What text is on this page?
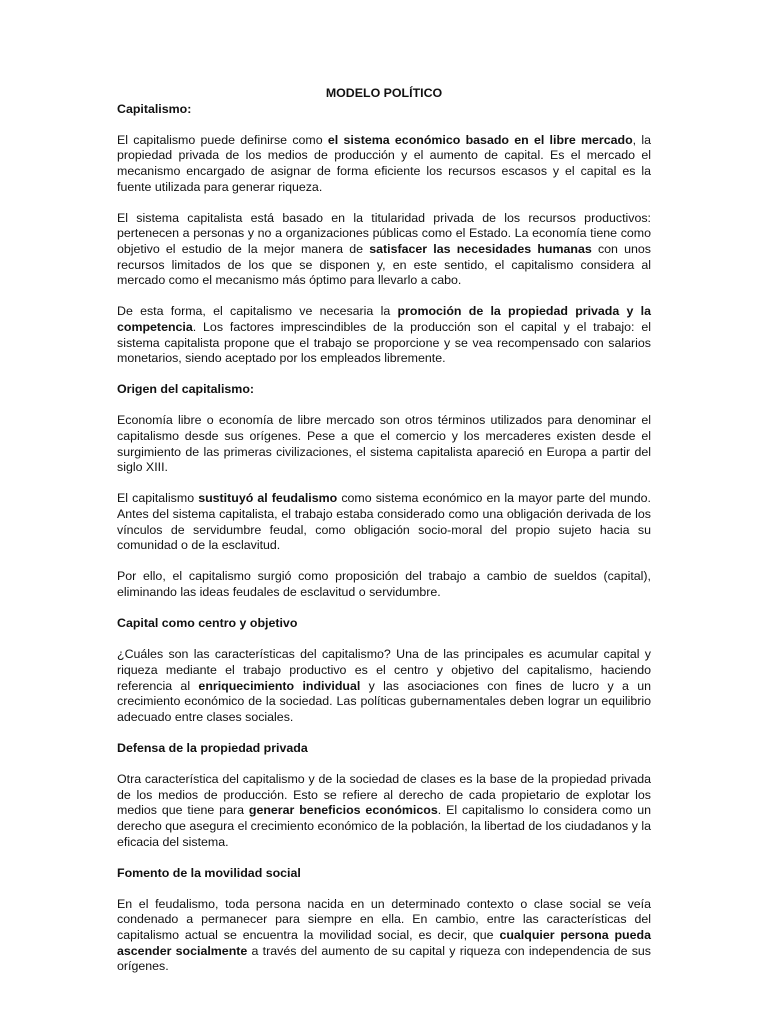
MODELO POLÍTICO
Capitalismo:

El capitalismo puede definirse como el sistema económico basado en el libre mercado, la propiedad privada de los medios de producción y el aumento de capital. Es el mercado el mecanismo encargado de asignar de forma eficiente los recursos escasos y el capital es la fuente utilizada para generar riqueza.

El sistema capitalista está basado en la titularidad privada de los recursos productivos: pertenecen a personas y no a organizaciones públicas como el Estado. La economía tiene como objetivo el estudio de la mejor manera de satisfacer las necesidades humanas con unos recursos limitados de los que se disponen y, en este sentido, el capitalismo considera al mercado como el mecanismo más óptimo para llevarlo a cabo.

De esta forma, el capitalismo ve necesaria la promoción de la propiedad privada y la competencia. Los factores imprescindibles de la producción son el capital y el trabajo: el sistema capitalista propone que el trabajo se proporcione y se vea recompensado con salarios monetarios, siendo aceptado por los empleados libremente.

Origen del capitalismo:

Economía libre o economía de libre mercado son otros términos utilizados para denominar el capitalismo desde sus orígenes. Pese a que el comercio y los mercaderes existen desde el surgimiento de las primeras civilizaciones, el sistema capitalista apareció en Europa a partir del siglo XIII.

El capitalismo sustituyó al feudalismo como sistema económico en la mayor parte del mundo. Antes del sistema capitalista, el trabajo estaba considerado como una obligación derivada de los vínculos de servidumbre feudal, como obligación socio-moral del propio sujeto hacia su comunidad o de la esclavitud.

Por ello, el capitalismo surgió como proposición del trabajo a cambio de sueldos (capital), eliminando las ideas feudales de esclavitud o servidumbre.

Capital como centro y objetivo

¿Cuáles son las características del capitalismo? Una de las principales es acumular capital y riqueza mediante el trabajo productivo es el centro y objetivo del capitalismo, haciendo referencia al enriquecimiento individual y las asociaciones con fines de lucro y a un crecimiento económico de la sociedad. Las políticas gubernamentales deben lograr un equilibrio adecuado entre clases sociales.

Defensa de la propiedad privada

Otra característica del capitalismo y de la sociedad de clases es la base de la propiedad privada de los medios de producción. Esto se refiere al derecho de cada propietario de explotar los medios que tiene para generar beneficios económicos. El capitalismo lo considera como un derecho que asegura el crecimiento económico de la población, la libertad de los ciudadanos y la eficacia del sistema.

Fomento de la movilidad social

En el feudalismo, toda persona nacida en un determinado contexto o clase social se veía condenado a permanecer para siempre en ella. En cambio, entre las características del capitalismo actual se encuentra la movilidad social, es decir, que cualquier persona pueda ascender socialmente a través del aumento de su capital y riqueza con independencia de sus orígenes.
